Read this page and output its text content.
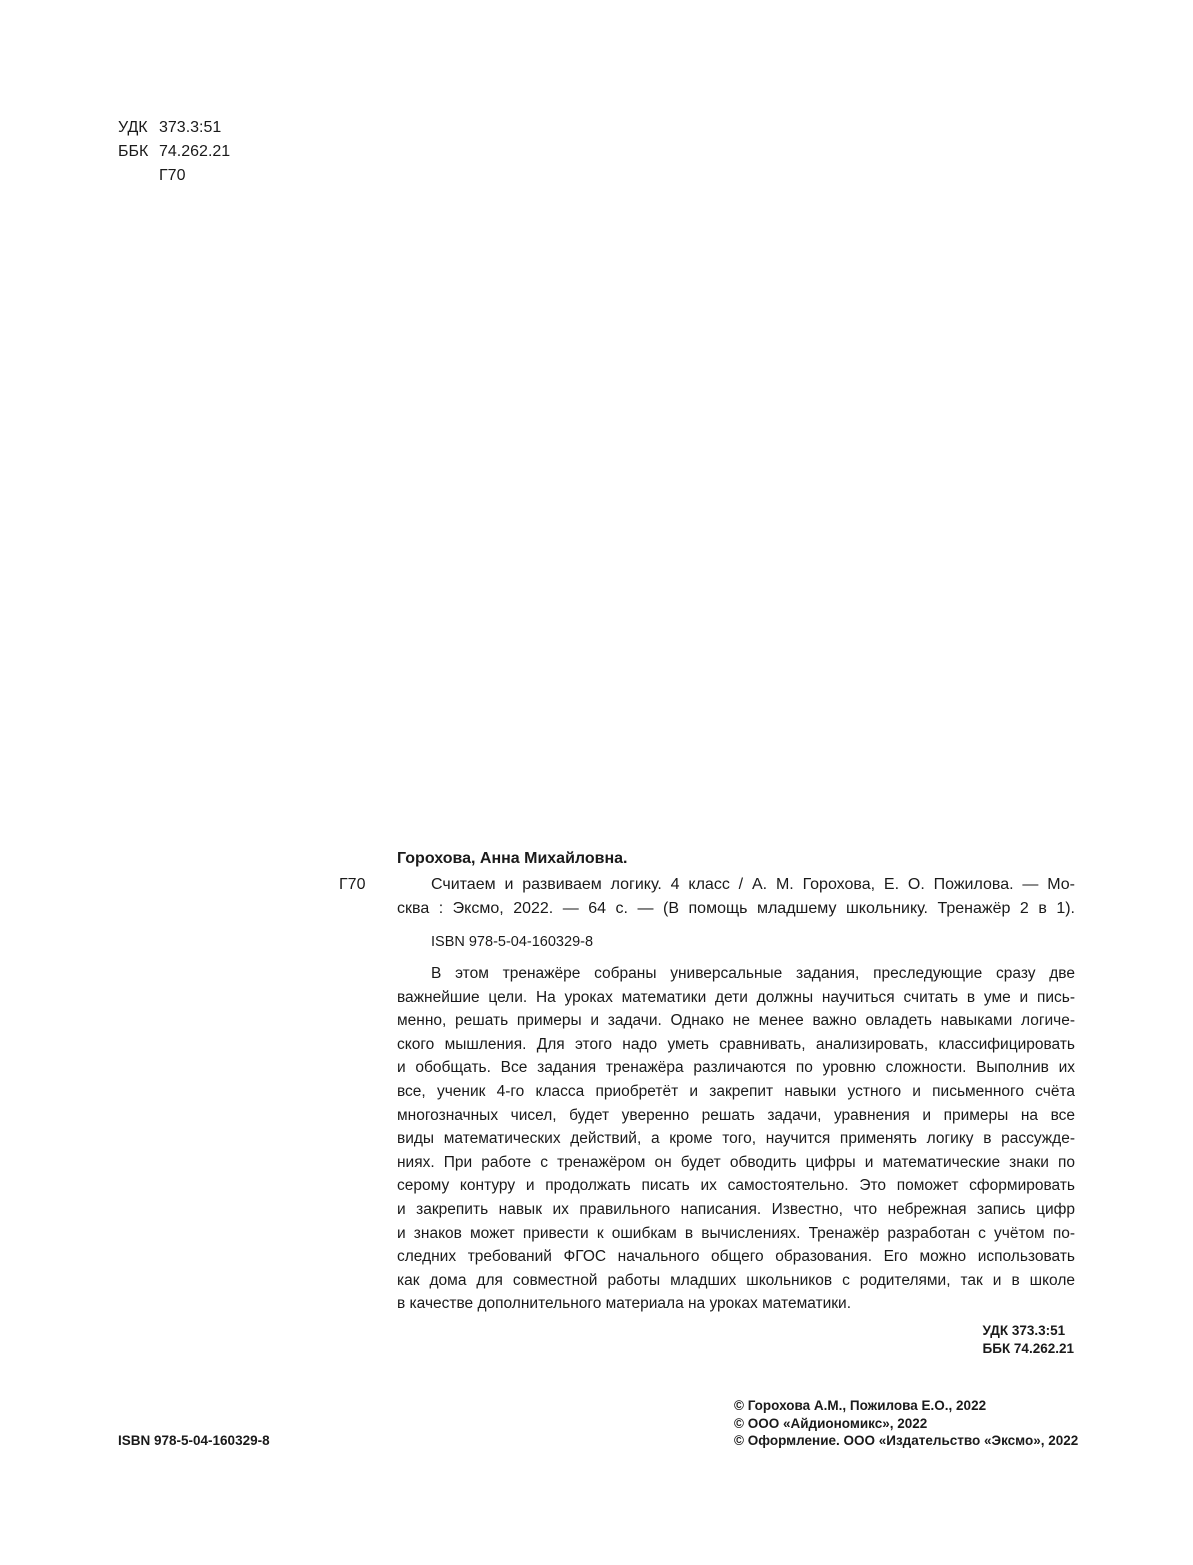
УДК 373.3:51
ББК 74.262.21
Г70
Горохова, Анна Михайловна.
Г70	Считаем и развиваем логику. 4 класс / А. М. Горохова, Е. О. Пожилова. — Мо-
сква : Эксмо, 2022. — 64 с. — (В помощь младшему школьнику. Тренажёр 2 в 1).
ISBN 978-5-04-160329-8
В этом тренажёре собраны универсальные задания, преследующие сразу две
важнейшие цели. На уроках математики дети должны научиться считать в уме и пись-
менно, решать примеры и задачи. Однако не менее важно овладеть навыками логиче-
ского мышления. Для этого надо уметь сравнивать, анализировать, классифицировать
и обобщать. Все задания тренажёра различаются по уровню сложности. Выполнив их
все, ученик 4-го класса приобретёт и закрепит навыки устного и письменного счёта
многозначных чисел, будет уверенно решать задачи, уравнения и примеры на все
виды математических действий, а кроме того, научится применять логику в рассужде-
ниях. При работе с тренажёром он будет обводить цифры и математические знаки по
серому контуру и продолжать писать их самостоятельно. Это поможет сформировать
и закрепить навык их правильного написания. Известно, что небрежная запись цифр
и знаков может привести к ошибкам в вычислениях. Тренажёр разработан с учётом по-
следних требований ФГОС начального общего образования. Его можно использовать
как дома для совместной работы младших школьников с родителями, так и в школе
в качестве дополнительного материала на уроках математики.
УДК 373.3:51
ББК 74.262.21
ISBN 978-5-04-160329-8
© Горохова А.М., Пожилова Е.О., 2022
© ООО «Айдиономикс», 2022
© Оформление. ООО «Издательство «Эксмо», 2022
